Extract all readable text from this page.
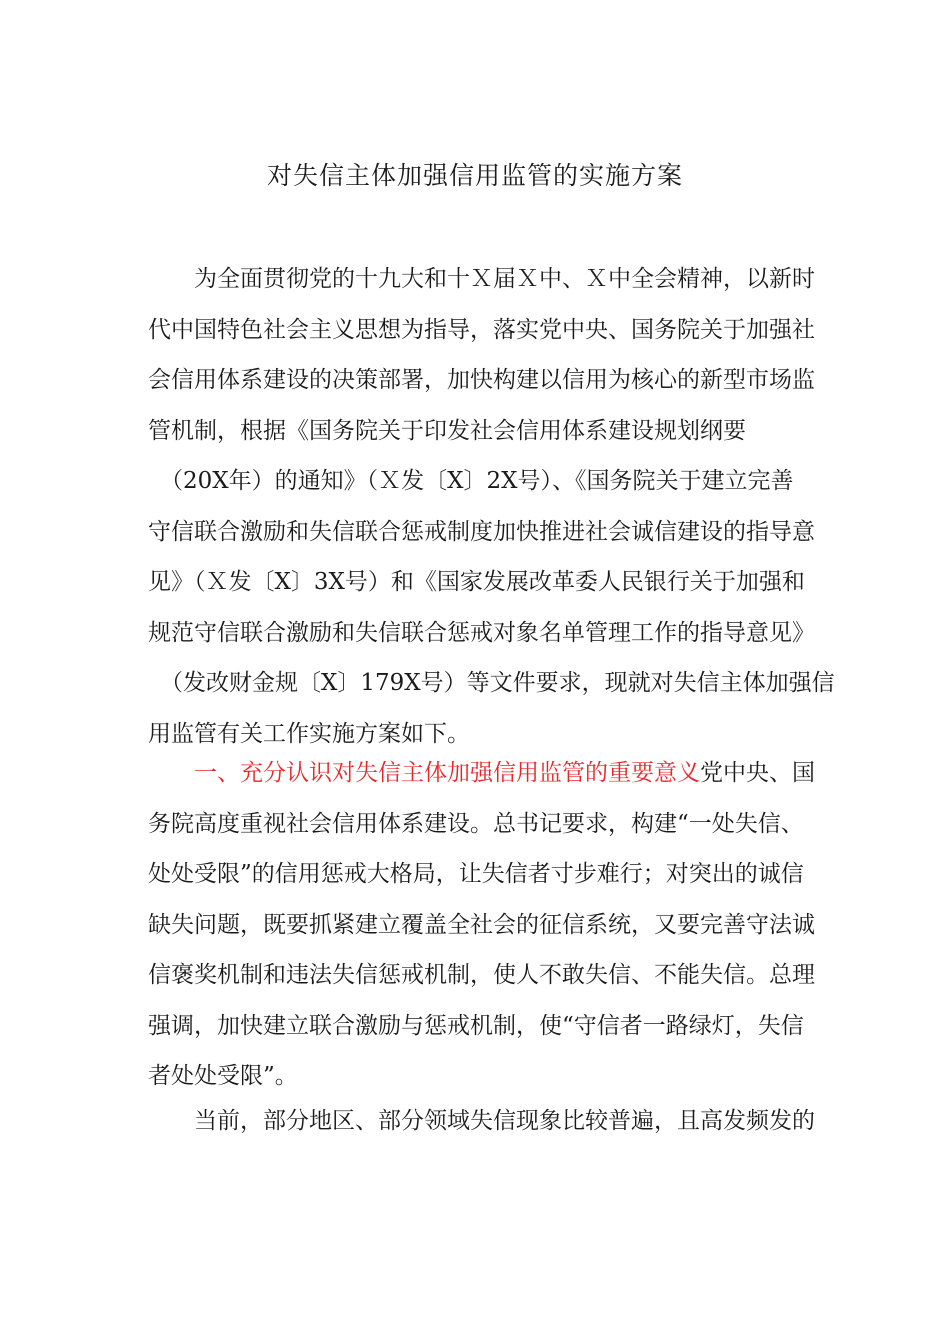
对失信主体加强信用监管的实施方案
为全面贯彻党的十九大和十Ｘ届Ｘ中、Ｘ中全会精神，以新时
代中国特色社会主义思想为指导，落实党中央、国务院关于加强社
会信用体系建设的决策部署，加快构建以信用为核心的新型市场监
管机制，根据《国务院关于印发社会信用体系建设规划纲要
（20X年）的通知》（Ｘ发〔X〕2X号）、《国务院关于建立完善
守信联合激励和失信联合惩戒制度加快推进社会诚信建设的指导意
见》（Ｘ发〔X〕3X号）和《国家发展改革委人民银行关于加强和
规范守信联合激励和失信联合惩戒对象名单管理工作的指导意见》
（发改财金规〔X〕179X号）等文件要求，现就对失信主体加强信
用监管有关工作实施方案如下。
一、充分认识对失信主体加强信用监管的重要意义党中央、国
务院高度重视社会信用体系建设。总书记要求，构建“一处失信、
处处受限”的信用惩戒大格局，让失信者寸步难行；对突出的诚信
缺失问题，既要抓紧建立覆盖全社会的征信系统，又要完善守法诚
信褒奖机制和违法失信惩戒机制，使人不敢失信、不能失信。总理
强调，加快建立联合激励与惩戒机制，使“守信者一路绿灯，失信
者处处受限”。
当前，部分地区、部分领域失信现象比较普遍，且高发频发的
